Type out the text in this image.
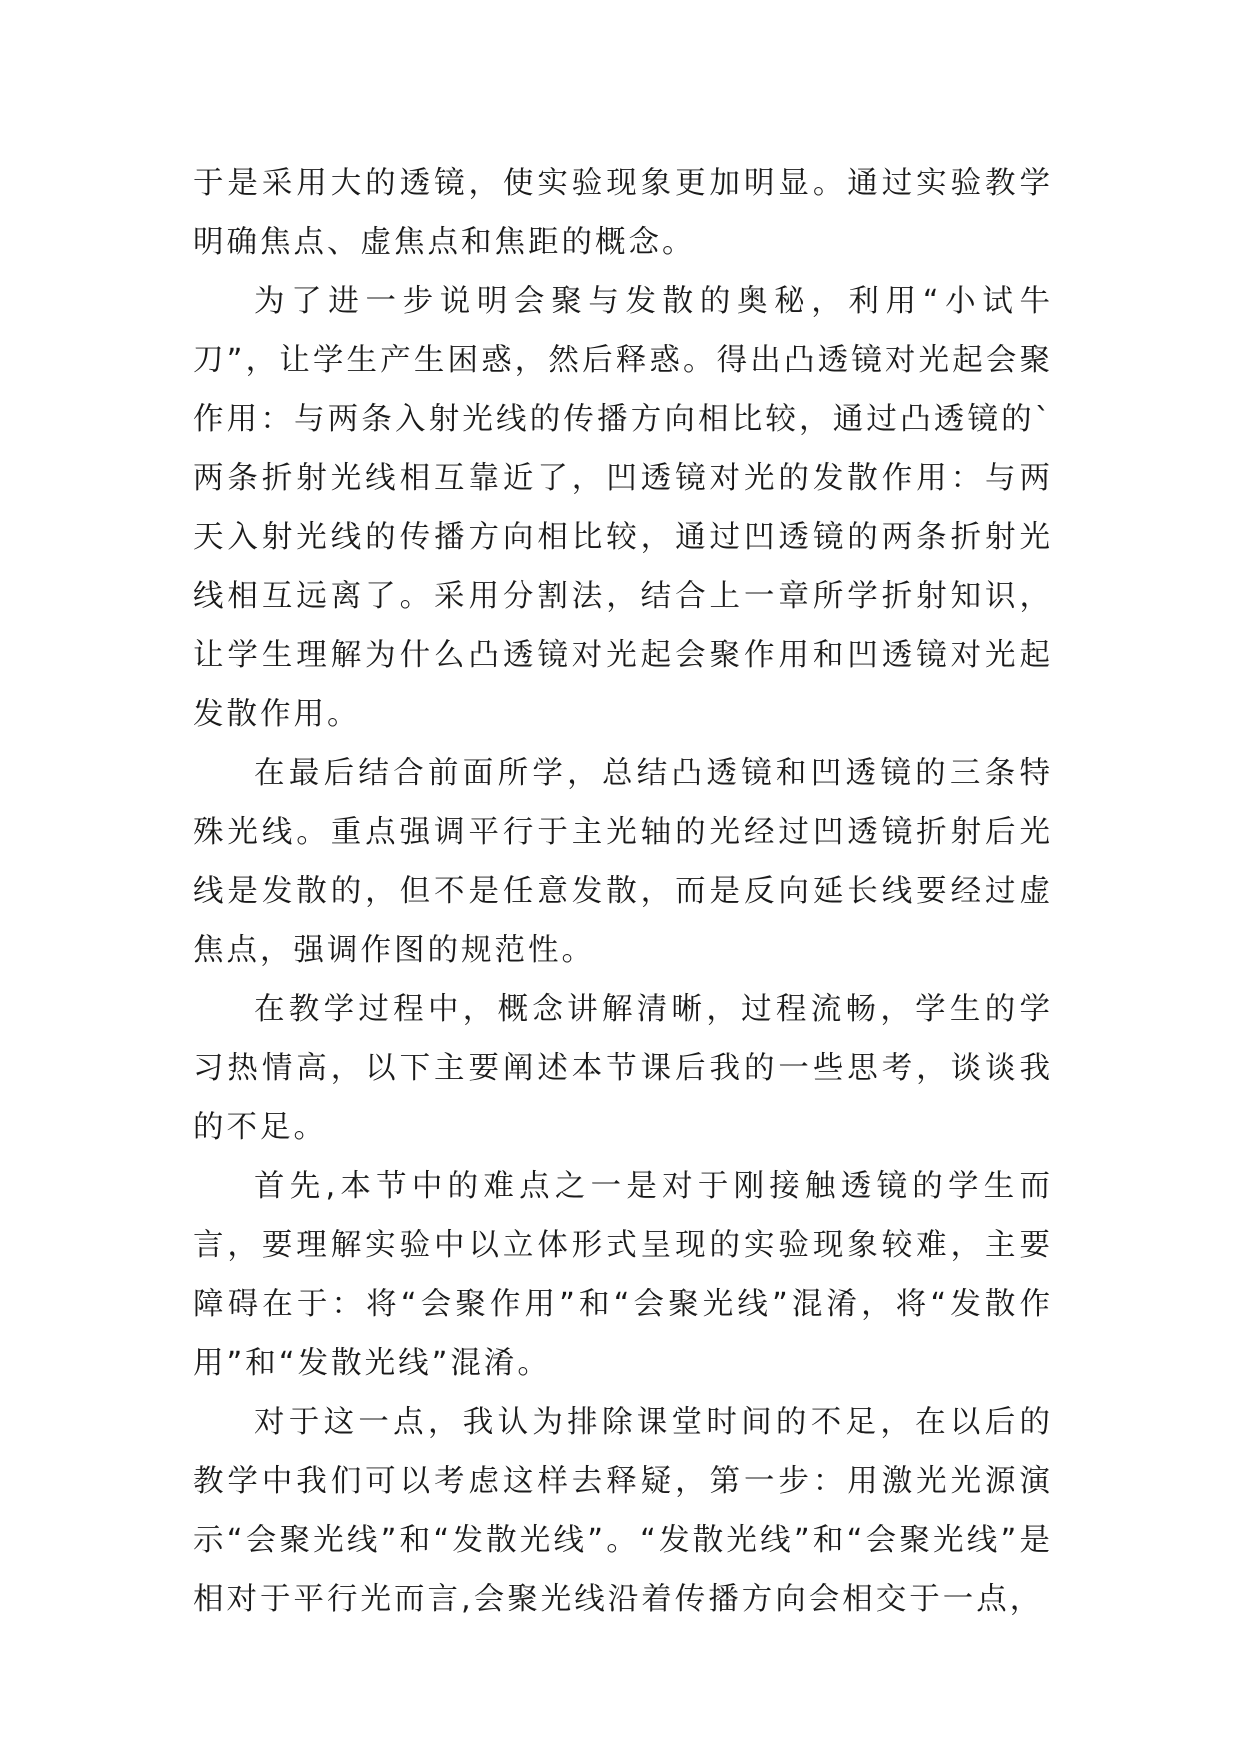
于是采用大的透镜，使实验现象更加明显。通过实验教学明确焦点、虚焦点和焦距的概念。

为了进一步说明会聚与发散的奥秘，利用“小试牛刀”，让学生产生困惑，然后释惑。得出凸透镜对光起会聚作用：与两条入射光线的传播方向相比较，通过凸透镜的`两条折射光线相互靠近了，凹透镜对光的发散作用：与两天入射光线的传播方向相比较，通过凹透镜的两条折射光线相互远离了。采用分割法，结合上一章所学折射知识，让学生理解为什么凸透镜对光起会聚作用和凹透镜对光起发散作用。

在最后结合前面所学，总结凸透镜和凹透镜的三条特殊光线。重点强调平行于主光轴的光经过凹透镜折射后光线是发散的，但不是任意发散，而是反向延长线要经过虚焦点，强调作图的规范性。

在教学过程中，概念讲解清晰，过程流畅，学生的学习热情高，以下主要阐述本节课后我的一些思考，谈谈我的不足。

首先,本节中的难点之一是对于刚接触透镜的学生而言，要理解实验中以立体形式呈现的实验现象较难，主要障碍在于：将“会聚作用”和“会聚光线”混淆，将“发散作用”和“发散光线”混淆。

对于这一点，我认为排除课堂时间的不足，在以后的教学中我们可以考虑这样去释疑，第一步：用激光光源演示“会聚光线”和“发散光线”。“发散光线”和“会聚光线”是相对于平行光而言,会聚光线沿着传播方向会相交于一点，
